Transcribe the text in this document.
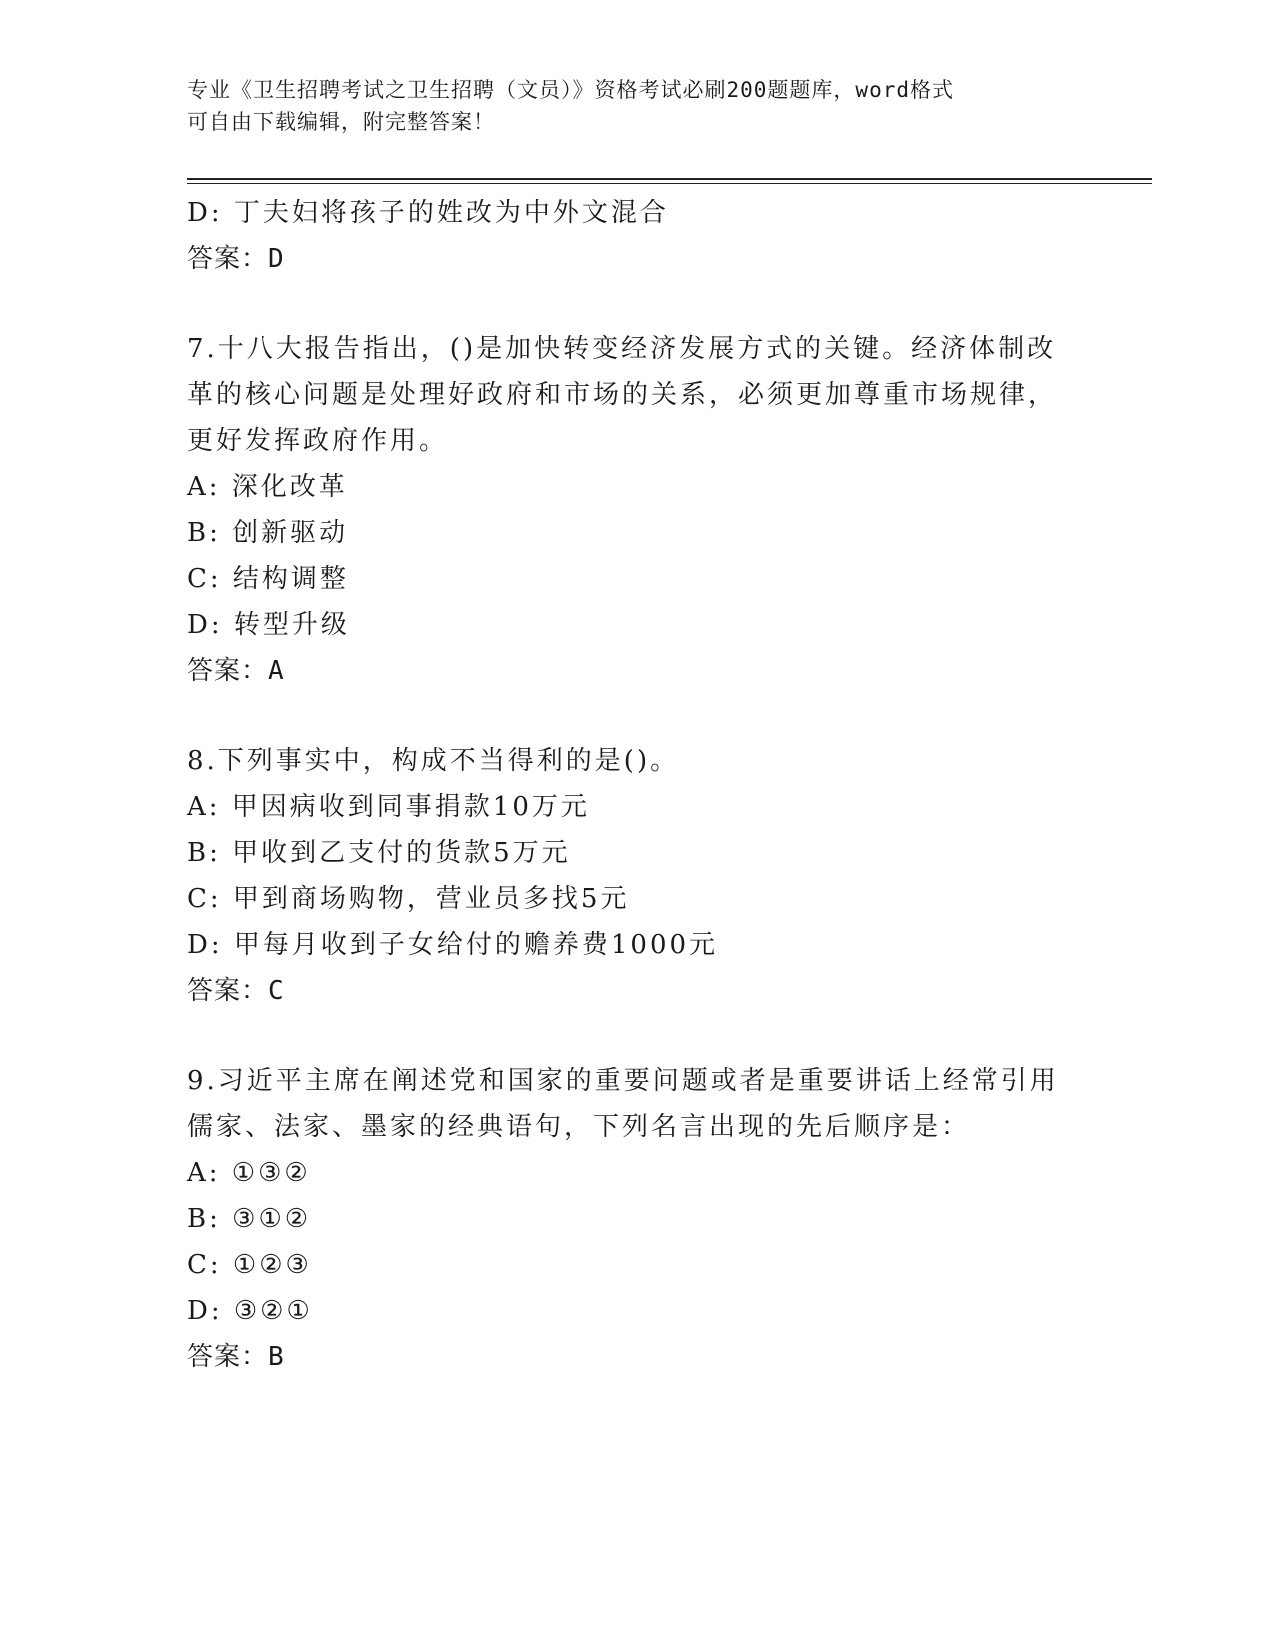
专业《卫生招聘考试之卫生招聘（文员）》资格考试必刷200题题库，word格式
可自由下载编辑，附完整答案！
D: 丁夫妇将孩子的姓改为中外文混合
答案：D
7.十八大报告指出，()是加快转变经济发展方式的关键。经济体制改
革的核心问题是处理好政府和市场的关系，必须更加尊重市场规律，
更好发挥政府作用。
A: 深化改革
B: 创新驱动
C: 结构调整
D: 转型升级
答案：A
8.下列事实中，构成不当得利的是()。
A: 甲因病收到同事捐款10万元
B: 甲收到乙支付的货款5万元
C: 甲到商场购物，营业员多找5元
D: 甲每月收到子女给付的赡养费1000元
答案：C
9.习近平主席在阐述党和国家的重要问题或者是重要讲话上经常引用
儒家、法家、墨家的经典语句，下列名言出现的先后顺序是：
A: ①③②
B: ③①②
C: ①②③
D: ③②①
答案：B
